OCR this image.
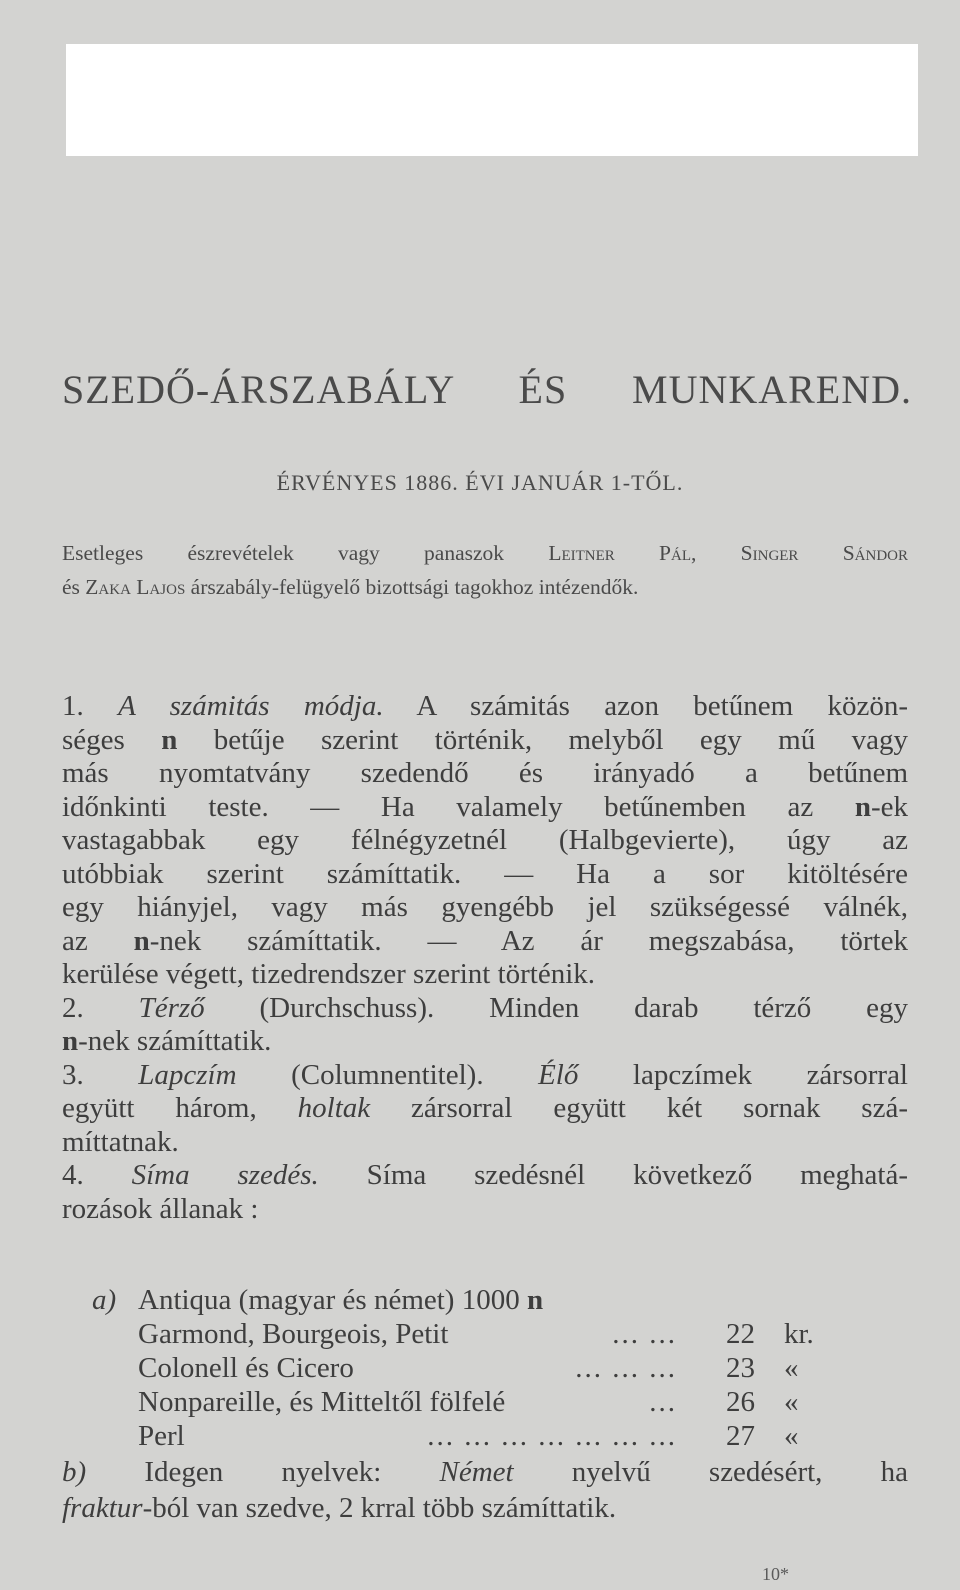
SZEDŐ-ÁRSZABÁLY ÉS MUNKAREND.
ÉRVÉNYES 1886. ÉVI JANUÁR 1-TŐL.

Esetleges észrevételek vagy panaszok Leitner Pál, Singer Sándor

és Zaka Lajos árszabály-felügyelő bizottsági tagokhoz intézendők.

1. A számitás módja. A számitás azon betűnem közön-
séges n betűje szerint történik, melyből egy mű vagy
más nyomtatvány szedendő és irányadó a betűnem
időnkinti teste. — Ha valamely betűnemben az n-ek
vastagabbak egy félnégyzetnél (Halbgevierte), úgy az
utóbbiak szerint számíttatik. — Ha a sor kitöltésére
egy hiányjel, vagy más gyengébb jel szükségessé válnék,
az n-nek számíttatik. — Az ár megszabása, törtek
kerülése végett, tizedrendszer szerint történik.
2. Térző (Durchschuss). Minden darab térző egy
n-nek számíttatik.
3. Lapczím (Columnentitel). Élő lapczímek zársorral
együtt három, holtak zársorral együtt két sornak szá-
míttatnak.
4. Síma szedés. Síma szedésnél következő meghatá-
rozások állanak :
a) Antiqua (magyar és német) 1000 n
Garmond, Bourgeois, Petit	... ... 22 kr.
Colonell és Cicero	... ... ... 23 «
Nonpareille, és Mitteltől fölfelé	... 26 «
Perl	... ... ... ... ... ... ... 27 «
b) Idegen nyelvek: Német nyelvű szedésért, ha
fraktur-ból van szedve, 2 krral több számíttatik.
10*
